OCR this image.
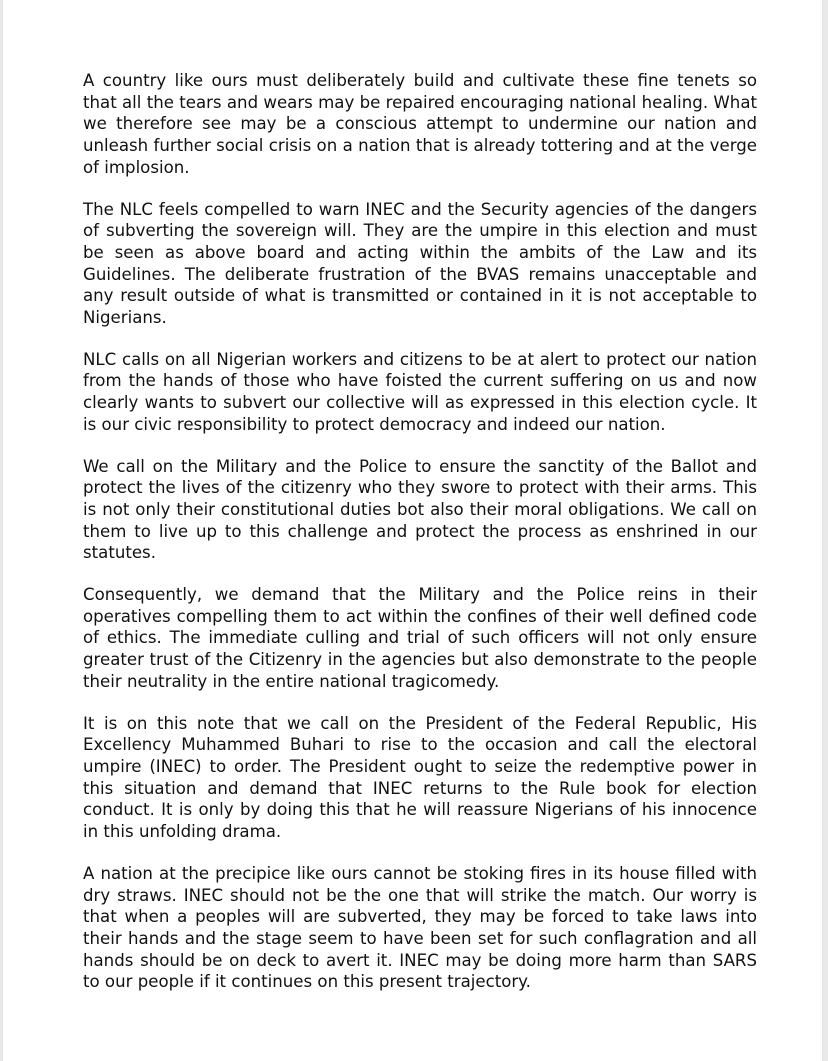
A country like ours must deliberately build and cultivate these fine tenets so that all the tears and wears may be repaired encouraging national healing. What we therefore see may be a conscious attempt to undermine our nation and unleash further social crisis on a nation that is already tottering and at the verge of implosion.

The NLC feels compelled to warn INEC and the Security agencies of the dangers of subverting the sovereign will. They are the umpire in this election and must be seen as above board and acting within the ambits of the Law and its Guidelines. The deliberate frustration of the BVAS remains unacceptable and any result outside of what is transmitted or contained in it is not acceptable to Nigerians.

NLC calls on all Nigerian workers and citizens to be at alert to protect our nation from the hands of those who have foisted the current suffering on us and now clearly wants to subvert our collective will as expressed in this election cycle. It is our civic responsibility to protect democracy and indeed our nation.

We call on the Military and the Police to ensure the sanctity of the Ballot and protect the lives of the citizenry who they swore to protect with their arms. This is not only their constitutional duties bot also their moral obligations. We call on them to live up to this challenge and protect the process as enshrined in our statutes.

Consequently, we demand that the Military and the Police reins in their operatives compelling them to act within the confines of their well defined code of ethics. The immediate culling and trial of such officers will not only ensure greater trust of the Citizenry in the agencies but also demonstrate to the people their neutrality in the entire national tragicomedy.

It is on this note that we call on the President of the Federal Republic, His Excellency Muhammed Buhari to rise to the occasion and call the electoral umpire (INEC) to order. The President ought to seize the redemptive power in this situation and demand that INEC returns to the Rule book for election conduct. It is only by doing this that he will reassure Nigerians of his innocence in this unfolding drama.

A nation at the precipice like ours cannot be stoking fires in its house filled with dry straws. INEC should not be the one that will strike the match. Our worry is that when a peoples will are subverted, they may be forced to take laws into their hands and the stage seem to have been set for such conflagration and all hands should be on deck to avert it. INEC may be doing more harm than SARS to our people if it continues on this present trajectory.
